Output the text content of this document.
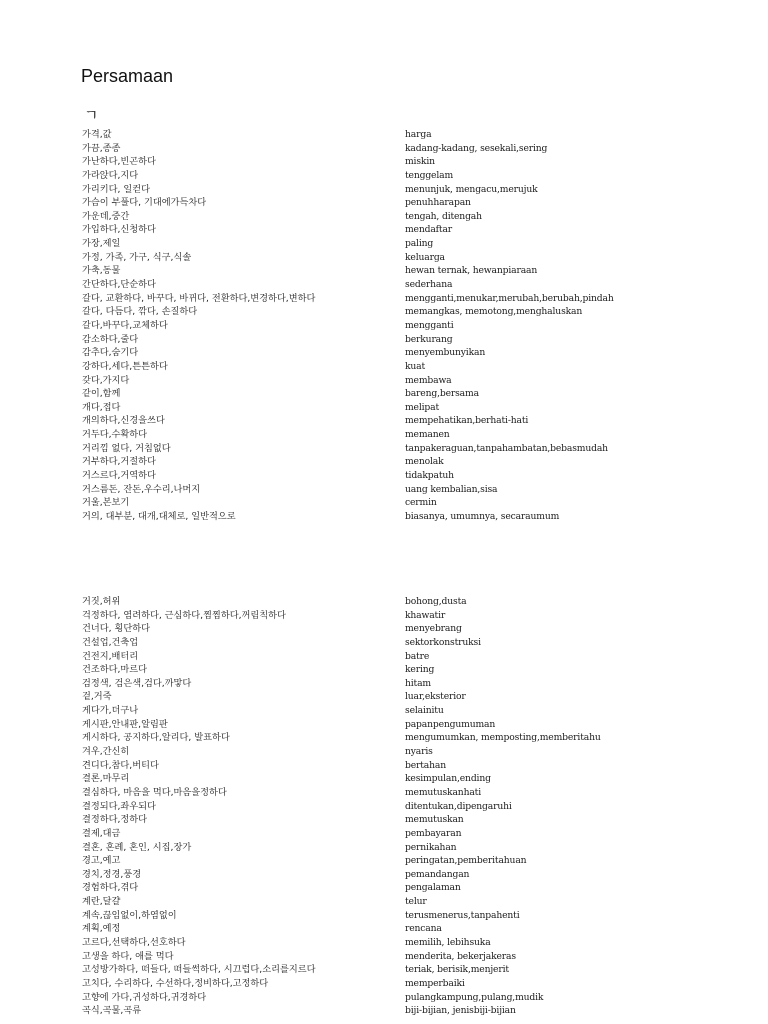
Persamaan
ㄱ
가격,값	harga
가끔,종종	kadang-kadang, sesekali,sering
가난하다,빈곤하다	miskin
가라앉다,지다	tenggelam
가리키다, 일컫다	menunjuk, mengacu,merujuk
가슴이 부풀다, 기대에가득차다	penuhharapan
가운데,중간	tengah, ditengah
가입하다,신청하다	mendaftar
가장,제일	paling
가정, 가족, 가구, 식구,식솔	keluarga
가축,동물	hewan ternak, hewanpiaraan
간단하다,단순하다	sederhana
갈다, 교환하다, 바꾸다, 바뀌다, 전환하다,변경하다,변하다	mengganti,menukar,merubah,berubah,pindah
갈다, 다듬다, 깎다, 손질하다	memangkas, memotong,menghaluskan
갈다,바꾸다,교체하다	mengganti
감소하다,줄다	berkurang
감추다,숨기다	menyembunyikan
강하다,세다,튼튼하다	kuat
갖다,가지다	membawa
같이,함께	bareng,bersama
개다,접다	melipat
개의하다,신경을쓰다	mempehatikan,berhati-hati
거두다,수확하다	memanen
거리낌 없다, 거침없다	tanpakeraguan,tanpahambatan,bebasmudah
거부하다,거절하다	menolak
거스르다,거역하다	tidakpatuh
거스름돈, 잔돈,우수리,나머지	uang kembalian,sisa
거울,본보기	cermin
거의, 대부분, 대개,대체로, 일반적으로	biasanya, umumnya, secaraumum
거짓,허위	bohong,dusta
걱정하다, 염려하다, 근심하다,찜찜하다,꺼림칙하다	khawatir
건너다, 횡단하다	menyebrang
건설업,건축업	sektorkonstruksi
건전지,배터리	batre
건조하다,마르다	kering
검정색, 검은색,검다,까맣다	hitam
겉,거죽	luar,eksterior
게다가,더구나	selainitu
게시판,안내판,알림판	papanpengumuman
게시하다, 공지하다,알리다, 발표하다	mengumumkan, memposting,memberitahu
겨우,간신히	nyaris
견디다,참다,버티다	bertahan
결론,마무리	kesimpulan,ending
결심하다, 마음을 먹다,마음을정하다	memutuskanhati
결정되다,좌우되다	ditentukan,dipengaruhi
결정하다,정하다	memutuskan
결제,대금	pembayaran
결혼, 혼례, 혼인, 시집,장가	pernikahan
경고,예고	peringatan,pemberitahuan
경치,정경,풍경	pemandangan
경험하다,겪다	pengalaman
계란,달걀	telur
계속,끊임없이,하염없이	terusmenerus,tanpahenti
계획,예정	rencana
고르다,선택하다,선호하다	memilih, lebihsuka
고생을 하다, 애를 먹다	menderita, bekerjakeras
고성방가하다, 떠들다, 떠들썩하다, 시끄럽다,소리를지르다	teriak, berisik,menjerit
고치다, 수리하다, 수선하다,정비하다,고정하다	memperbaiki
고향에 가다,귀성하다,귀경하다	pulangkampung,pulang,mudik
곡식,곡물,곡류	biji-bijian, jenisbiji-bijian
